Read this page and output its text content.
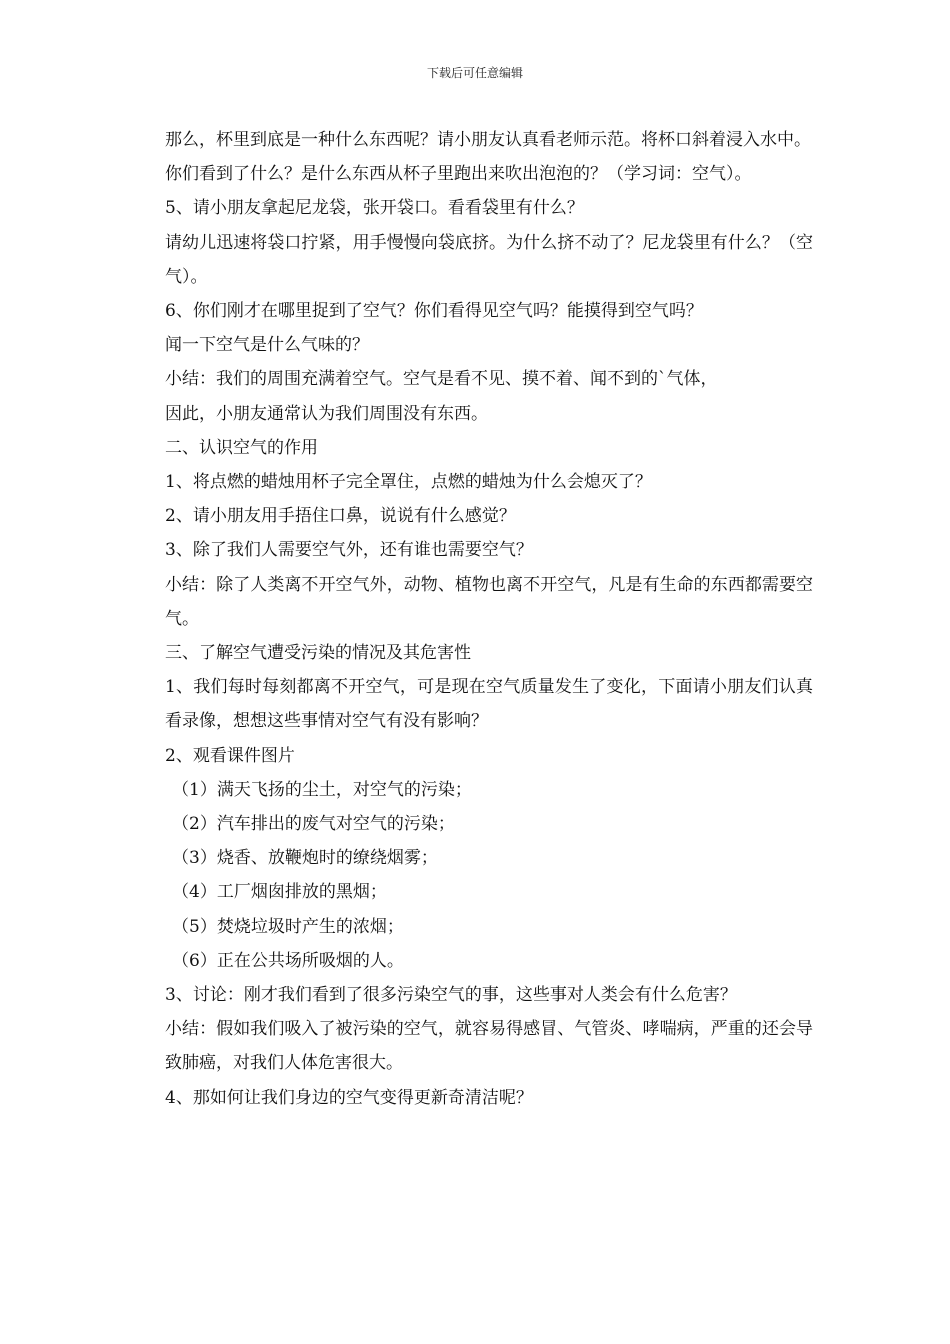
下载后可任意编辑

那么，杯里到底是一种什么东西呢？请小朋友认真看老师示范。将杯口斜着浸入水中。

你们看到了什么？是什么东西从杯子里跑出来吹出泡泡的？（学习词：空气）。

5、请小朋友拿起尼龙袋，张开袋口。看看袋里有什么？

请幼儿迅速将袋口拧紧，用手慢慢向袋底挤。为什么挤不动了？尼龙袋里有什么？（空气）。

6、你们刚才在哪里捉到了空气？你们看得见空气吗？能摸得到空气吗？

闻一下空气是什么气味的？

小结：我们的周围充满着空气。空气是看不见、摸不着、闻不到的`气体，

因此，小朋友通常认为我们周围没有东西。

二、认识空气的作用

1、将点燃的蜡烛用杯子完全罩住，点燃的蜡烛为什么会熄灭了？

2、请小朋友用手捂住口鼻，说说有什么感觉？

3、除了我们人需要空气外，还有谁也需要空气？

小结：除了人类离不开空气外，动物、植物也离不开空气，凡是有生命的东西都需要空气。

三、了解空气遭受污染的情况及其危害性

1、我们每时每刻都离不开空气，可是现在空气质量发生了变化，下面请小朋友们认真看录像，想想这些事情对空气有没有影响？

2、观看课件图片

（1）满天飞扬的尘土，对空气的污染；

（2）汽车排出的废气对空气的污染；

（3）烧香、放鞭炮时的缭绕烟雾；

（4）工厂烟囱排放的黑烟；

（5）焚烧垃圾时产生的浓烟；

（6）正在公共场所吸烟的人。

3、讨论：刚才我们看到了很多污染空气的事，这些事对人类会有什么危害？

小结：假如我们吸入了被污染的空气，就容易得感冒、气管炎、哮喘病，严重的还会导致肺癌，对我们人体危害很大。

4、那如何让我们身边的空气变得更新奇清洁呢？
